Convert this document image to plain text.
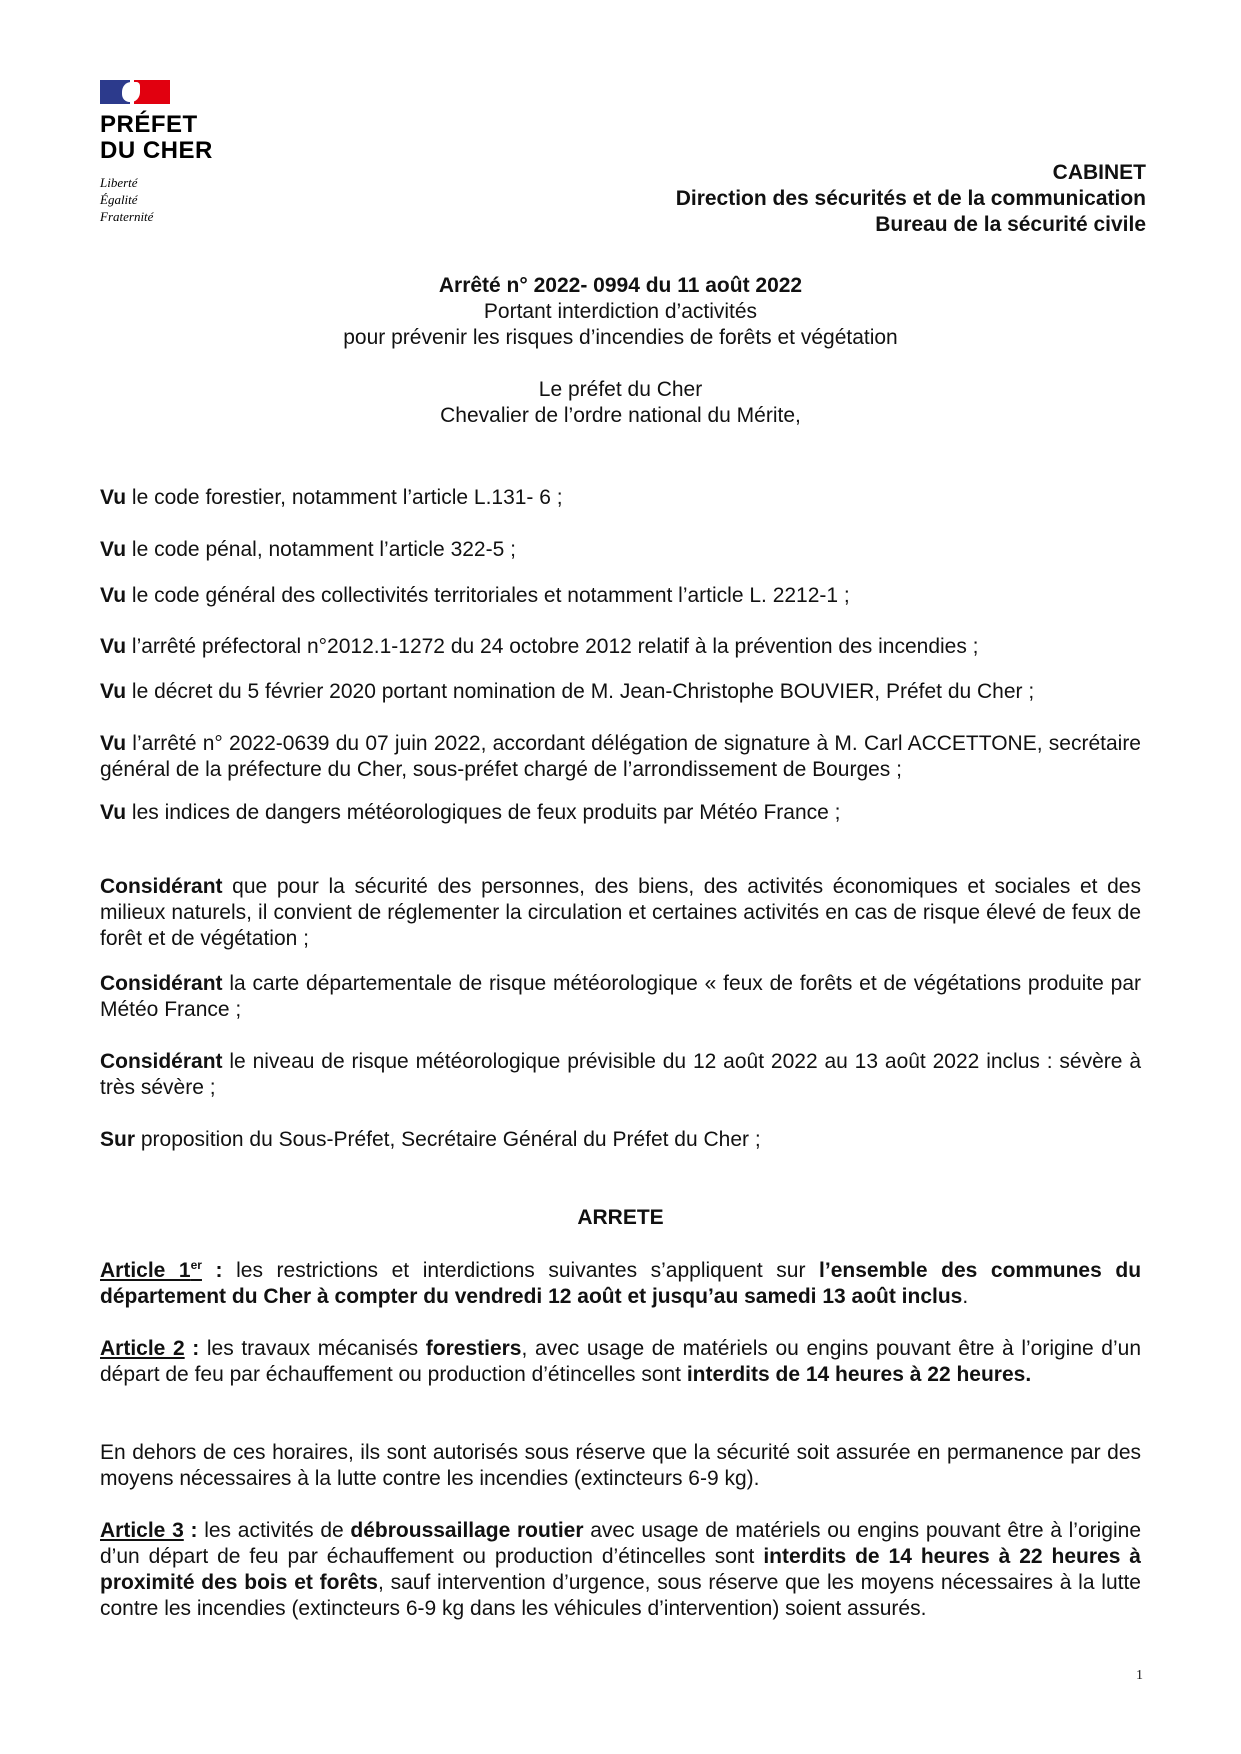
PRÉFET
DU CHER
Liberté
Égalité
Fraternité
CABINET
Direction des sécurités et de la communication
Bureau de la sécurité civile
Arrêté n° 2022- 0994 du 11 août 2022
Portant interdiction d’activités
pour prévenir les risques d’incendies de forêts et végétation
Le préfet du Cher
Chevalier de l’ordre national du Mérite,
Vu le code forestier, notamment l’article L.131- 6 ;
Vu le code pénal, notamment l’article 322-5 ;
Vu le code général des collectivités territoriales et notamment l’article L. 2212-1 ;
Vu l’arrêté préfectoral n°2012.1-1272 du 24 octobre 2012 relatif à la prévention des incendies ;
Vu le décret du 5 février 2020 portant nomination de M. Jean-Christophe BOUVIER, Préfet du Cher ;
Vu l’arrêté n° 2022-0639 du 07 juin 2022, accordant délégation de signature à M. Carl ACCETTONE, secrétaire général de la préfecture du Cher, sous-préfet chargé de l’arrondissement de Bourges ;
Vu les indices de dangers météorologiques de feux produits par Météo France ;
Considérant que pour la sécurité des personnes, des biens, des activités économiques et sociales et des milieux naturels, il convient de réglementer la circulation et certaines activités en cas de risque élevé de feux de forêt et de végétation ;
Considérant la carte départementale de risque météorologique « feux de forêts et de végétations produite par Météo France ;
Considérant le niveau de risque météorologique prévisible du 12 août 2022 au 13 août 2022 inclus : sévère à très sévère ;
Sur proposition du Sous-Préfet, Secrétaire Général du Préfet du Cher ;
ARRETE
Article 1er : les restrictions et interdictions suivantes s’appliquent sur l’ensemble des communes du département du Cher à compter du vendredi 12 août et jusqu’au samedi 13 août inclus.
Article 2 : les travaux mécanisés forestiers, avec usage de matériels ou engins pouvant être à l’origine d’un départ de feu par échauffement ou production d’étincelles sont interdits de 14 heures à 22 heures.
En dehors de ces horaires, ils sont autorisés sous réserve que la sécurité soit assurée en permanence par des moyens nécessaires à la lutte contre les incendies (extincteurs 6-9 kg).
Article 3 : les activités de débroussaillage routier avec usage de matériels ou engins pouvant être à l’origine d’un départ de feu par échauffement ou production d’étincelles sont interdits de 14 heures à 22 heures à proximité des bois et forêts, sauf intervention d’urgence, sous réserve que les moyens nécessaires à la lutte contre les incendies (extincteurs 6-9 kg dans les véhicules d’intervention) soient assurés.
1
